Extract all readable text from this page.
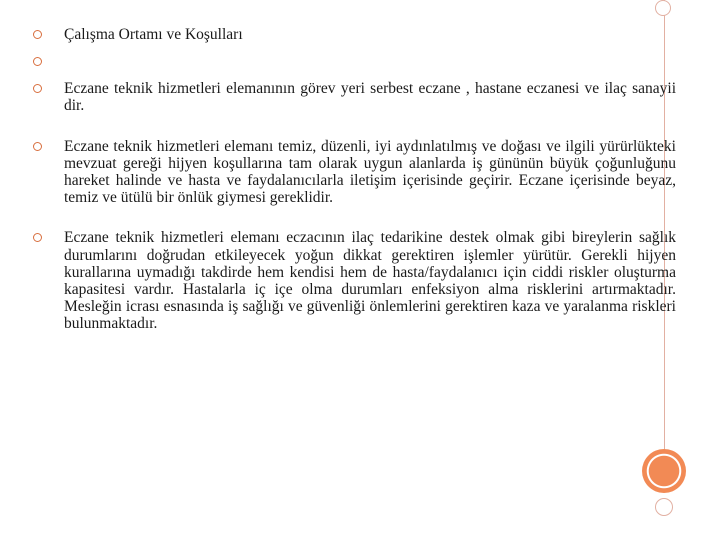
Çalışma Ortamı ve Koşulları
Eczane teknik hizmetleri elemanının görev yeri serbest eczane , hastane eczanesi ve ilaç sanayii dir.
Eczane teknik hizmetleri elemanı temiz, düzenli, iyi aydınlatılmış ve doğası ve ilgili yürürlükteki mevzuat gereği hijyen koşullarına tam olarak uygun alanlarda iş gününün büyük çoğunluğunu hareket halinde ve hasta ve faydalanıcılarla iletişim içerisinde geçirir. Eczane içerisinde beyaz, temiz ve ütülü bir önlük giymesi gereklidir.
Eczane teknik hizmetleri elemanı eczacının ilaç tedarikine destek olmak gibi bireylerin sağlık durumlarını doğrudan etkileyecek yoğun dikkat gerektiren işlemler yürütür. Gerekli hijyen kurallarına uymadığı takdirde hem kendisi hem de hasta/faydalanıcı için ciddi riskler oluşturma kapasitesi vardır. Hastalarla iç içe olma durumları enfeksiyon alma risklerini artırmaktadır. Mesleğin icrası esnasında iş sağlığı ve güvenliği önlemlerini gerektiren kaza ve yaralanma riskleri bulunmaktadır.
